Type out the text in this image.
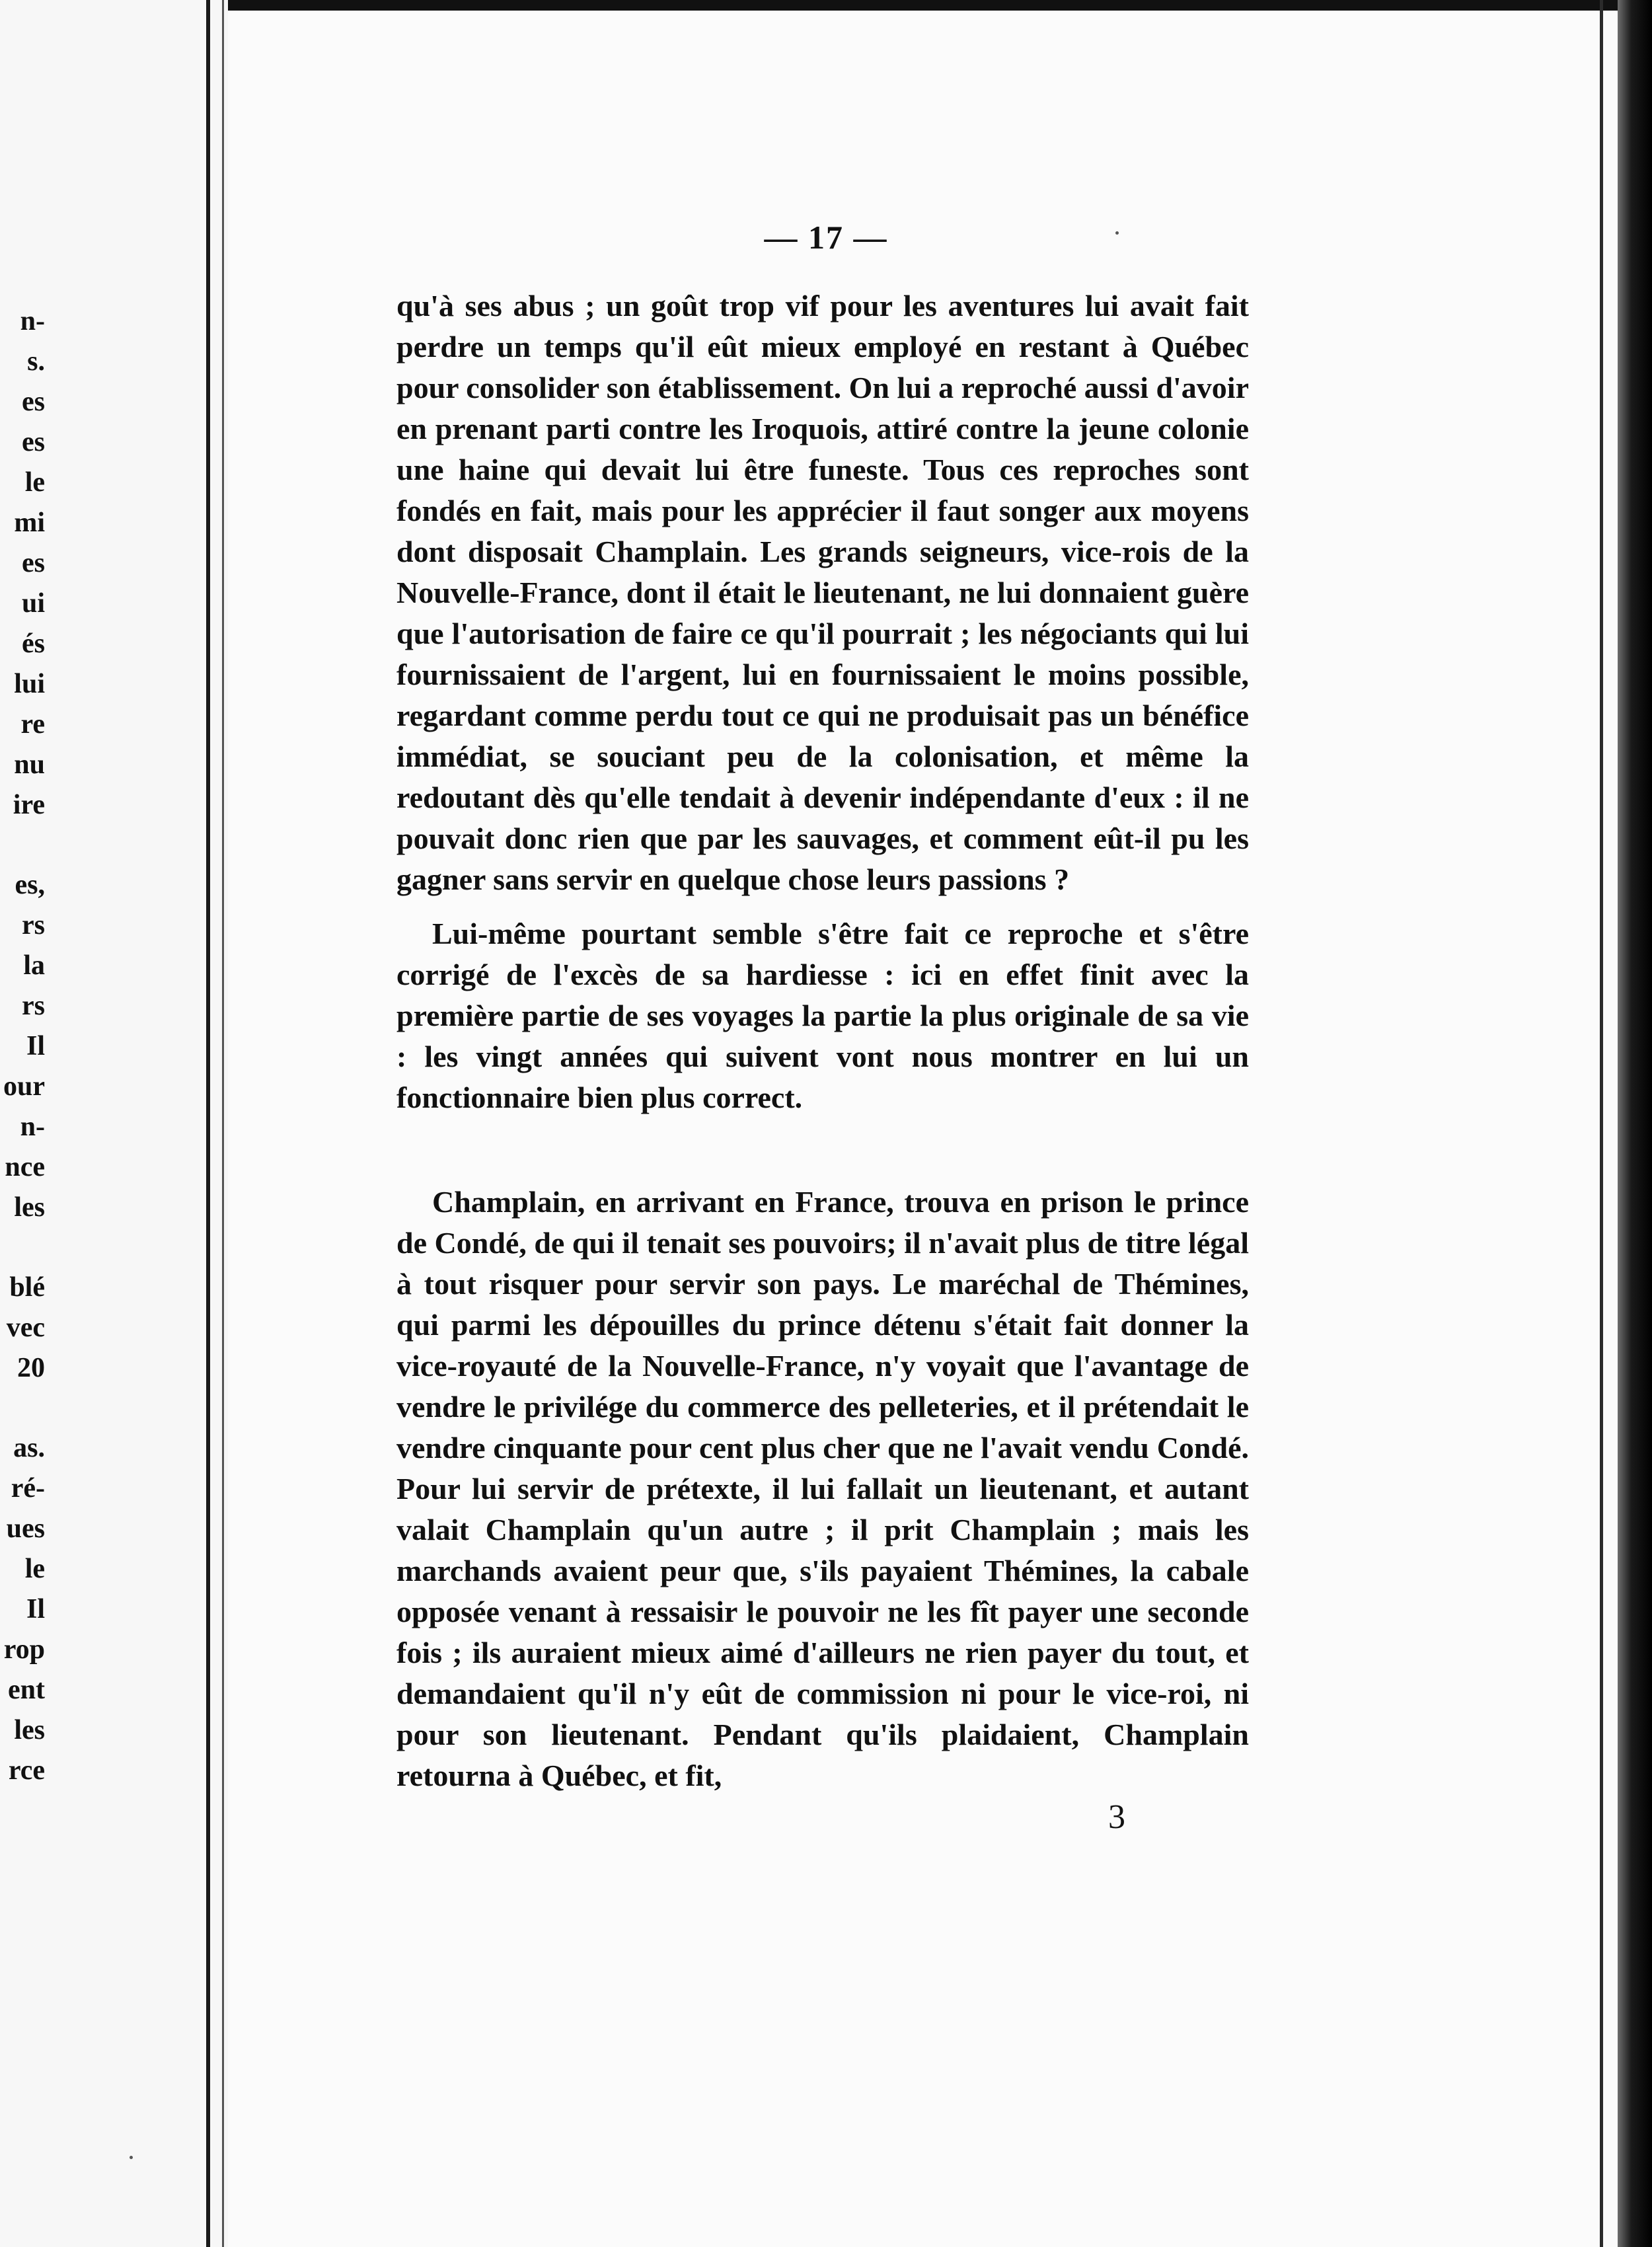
n-
s.
es
es
le
mi
es
ui
és
lui
re
nu
ire
es,
rs
la
rs
Il
our
n-
nce
les
blé
vec
20
as.
ré-
ues
le
Il
rop
ent
les
rce
— 17 —

qu'à ses abus ; un goût trop vif pour les aventures lui avait fait perdre un temps qu'il eût mieux employé en restant à Québec pour consolider son établissement. On lui a reproché aussi d'avoir en prenant parti contre les Iroquois, attiré contre la jeune colonie une haine qui devait lui être funeste. Tous ces reproches sont fondés en fait, mais pour les apprécier il faut songer aux moyens dont disposait Champlain. Les grands seigneurs, vice-rois de la Nouvelle-France, dont il était le lieutenant, ne lui donnaient guère que l'autorisation de faire ce qu'il pourrait ; les négociants qui lui fournissaient de l'argent, lui en fournissaient le moins possible, regardant comme perdu tout ce qui ne produisait pas un bénéfice immédiat, se souciant peu de la colonisation, et même la redoutant dès qu'elle tendait à devenir indépendante d'eux : il ne pouvait donc rien que par les sauvages, et comment eût-il pu les gagner sans servir en quelque chose leurs passions ?

Lui-même pourtant semble s'être fait ce reproche et s'être corrigé de l'excès de sa hardiesse : ici en effet finit avec la première partie de ses voyages la partie la plus originale de sa vie : les vingt années qui suivent vont nous montrer en lui un fonctionnaire bien plus correct.

Champlain, en arrivant en France, trouva en prison le prince de Condé, de qui il tenait ses pouvoirs; il n'avait plus de titre légal à tout risquer pour servir son pays. Le maréchal de Thémines, qui parmi les dépouilles du prince détenu s'était fait donner la vice-royauté de la Nouvelle-France, n'y voyait que l'avantage de vendre le privilége du commerce des pelleteries, et il prétendait le vendre cinquante pour cent plus cher que ne l'avait vendu Condé. Pour lui servir de prétexte, il lui fallait un lieutenant, et autant valait Champlain qu'un autre ; il prit Champlain ; mais les marchands avaient peur que, s'ils payaient Thémines, la cabale opposée venant à ressaisir le pouvoir ne les fît payer une seconde fois ; ils auraient mieux aimé d'ailleurs ne rien payer du tout, et demandaient qu'il n'y eût de commission ni pour le vice-roi, ni pour son lieutenant. Pendant qu'ils plaidaient, Champlain retourna à Québec, et fit,

3
